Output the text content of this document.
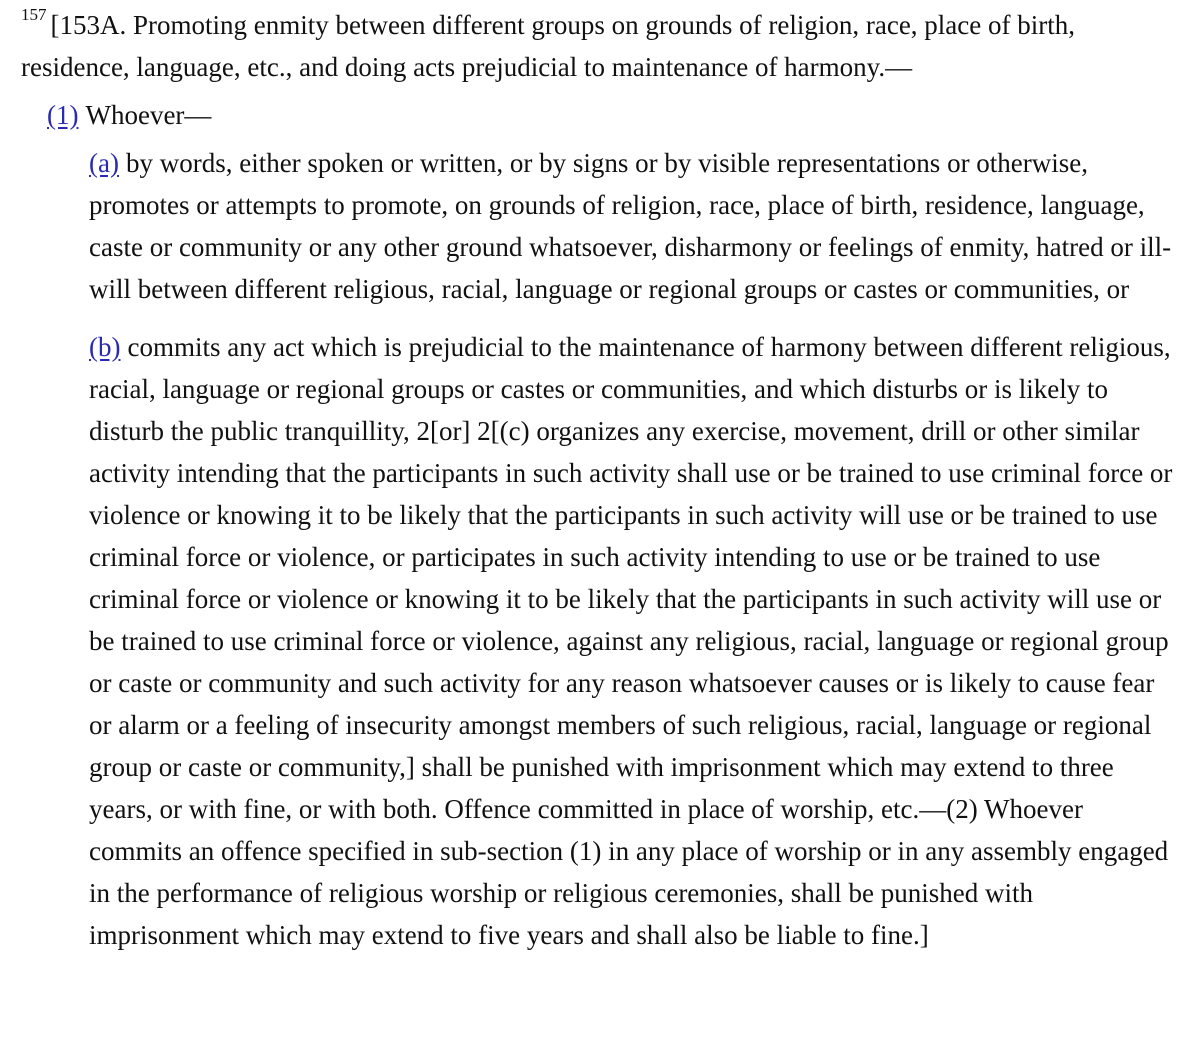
$^{157}$ [153A. Promoting enmity between different groups on grounds of religion, race, place of birth, residence, language, etc., and doing acts prejudicial to maintenance of harmony.—

(1) Whoever—

(a) by words, either spoken or written, or by signs or by visible representations or otherwise, promotes or attempts to promote, on grounds of religion, race, place of birth, residence, language, caste or community or any other ground whatsoever, disharmony or feelings of enmity, hatred or ill-will between different religious, racial, language or regional groups or castes or communities, or

(b) commits any act which is prejudicial to the maintenance of harmony between different religious, racial, language or regional groups or castes or communities, and which disturbs or is likely to disturb the public tranquillity, 2[or] 2[(c) organizes any exercise, movement, drill or other similar activity intending that the participants in such activity shall use or be trained to use criminal force or violence or knowing it to be likely that the participants in such activity will use or be trained to use criminal force or violence, or participates in such activity intending to use or be trained to use criminal force or violence or knowing it to be likely that the participants in such activity will use or be trained to use criminal force or violence, against any religious, racial, language or regional group or caste or community and such activity for any reason whatsoever causes or is likely to cause fear or alarm or a feeling of insecurity amongst members of such religious, racial, language or regional group or caste or community,] shall be punished with imprisonment which may extend to three years, or with fine, or with both. Offence committed in place of worship, etc.—(2) Whoever commits an offence specified in sub-section (1) in any place of worship or in any assembly engaged in the performance of religious worship or religious ceremonies, shall be punished with imprisonment which may extend to five years and shall also be liable to fine.]
